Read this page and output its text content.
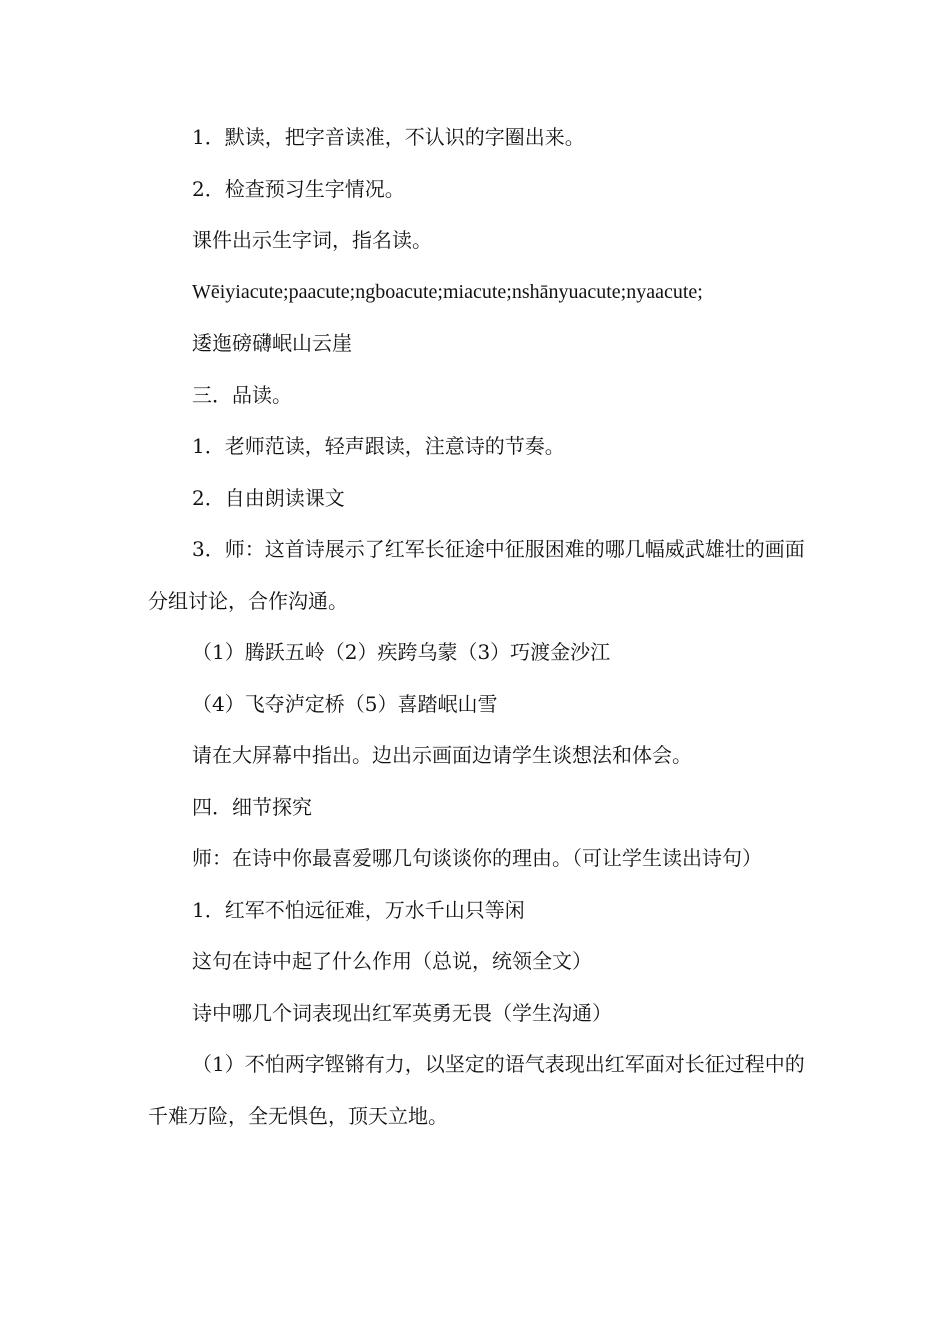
1．默读，把字音读准，不认识的字圈出来。

2．检查预习生字情况。

课件出示生字词，指名读。

Wēiyiacute;paacute;ngboacute;miacute;nshānyuacute;nyaacute;

逶迤磅礴岷山云崖

三．品读。

1．老师范读，轻声跟读，注意诗的节奏。

2．自由朗读课文

3．师：这首诗展示了红军长征途中征服困难的哪几幅威武雄壮的画面分组讨论，合作沟通。

（1）腾跃五岭（2）疾跨乌蒙（3）巧渡金沙江

（4）飞夺泸定桥（5）喜踏岷山雪

请在大屏幕中指出。边出示画面边请学生谈想法和体会。

四．细节探究

师：在诗中你最喜爱哪几句谈谈你的理由。（可让学生读出诗句）

1．红军不怕远征难，万水千山只等闲

这句在诗中起了什么作用（总说，统领全文）

诗中哪几个词表现出红军英勇无畏（学生沟通）

（1）不怕两字铿锵有力，以坚定的语气表现出红军面对长征过程中的千难万险，全无惧色，顶天立地。
